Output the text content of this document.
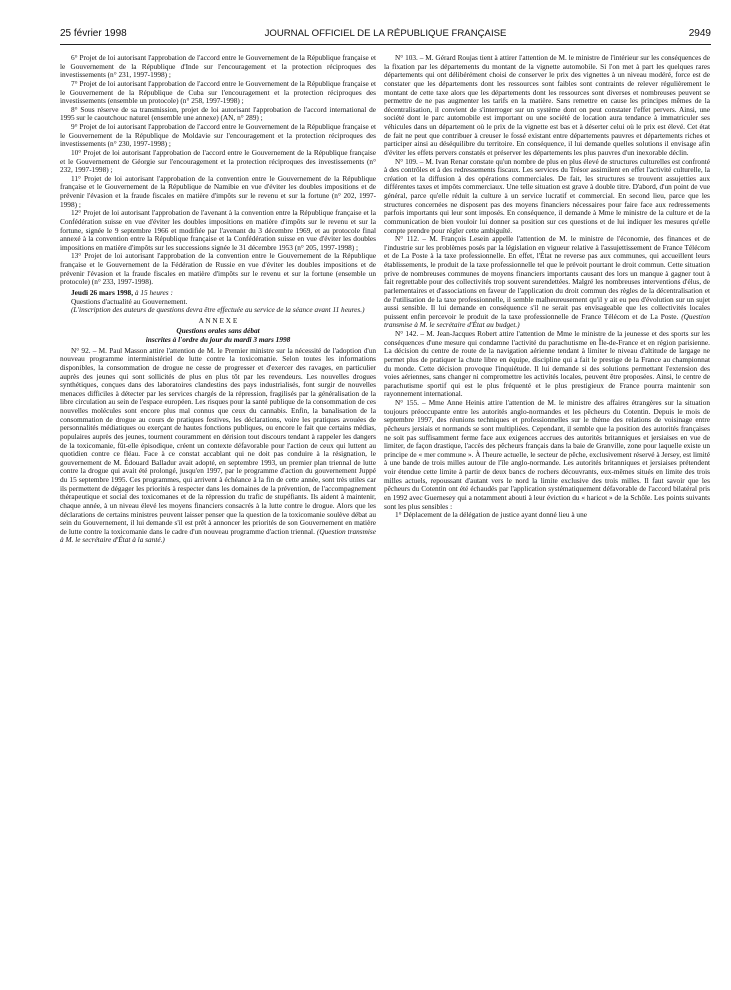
25 février 1998	JOURNAL OFFICIEL DE LA RÉPUBLIQUE FRANÇAISE	2949

6° Projet de loi autorisant l'approbation de l'accord entre le Gouvernement de la République française et le Gouvernement de la République d'Inde sur l'encouragement et la protection réciproques des investissements (n° 231, 1997-1998) ;

7° Projet de loi autorisant l'approbation de l'accord entre le Gouvernement de la République française et le Gouvernement de la République de Cuba sur l'encouragement et la protection réciproques des investissements (ensemble un protocole) (n° 258, 1997-1998) ;

8° Sous réserve de sa transmission, projet de loi autorisant l'approbation de l'accord international de 1995 sur le caoutchouc naturel (ensemble une annexe) (AN, n° 289) ;

9° Projet de loi autorisant l'approbation de l'accord entre le Gouvernement de la République française et le Gouvernement de la République de Moldavie sur l'encouragement et la protection réciproques des investissements (n° 230, 1997-1998) ;

10° Projet de loi autorisant l'approbation de l'accord entre le Gouvernement de la République française et le Gouvernement de Géorgie sur l'encouragement et la protection réciproques des investissements (n° 232, 1997-1998) ;

11° Projet de loi autorisant l'approbation de la convention entre le Gouvernement de la République française et le Gouvernement de la République de Namibie en vue d'éviter les doubles impositions et de prévenir l'évasion et la fraude fiscales en matière d'impôts sur le revenu et sur la fortune (n° 202, 1997-1998) ;

12° Projet de loi autorisant l'approbation de l'avenant à la convention entre la République française et la Confédération suisse en vue d'éviter les doubles impositions en matière d'impôts sur le revenu et sur la fortune, signée le 9 septembre 1966 et modifiée par l'avenant du 3 décembre 1969, et au protocole final annexé à la convention entre la République française et la Confédération suisse en vue d'éviter les doubles impositions en matière d'impôts sur les successions signée le 31 décembre 1953 (n° 205, 1997-1998) ;

13° Projet de loi autorisant l'approbation de la convention entre le Gouvernement de la République française et le Gouvernement de la Fédération de Russie en vue d'éviter les doubles impositions et de prévenir l'évasion et la fraude fiscales en matière d'impôts sur le revenu et sur la fortune (ensemble un protocole) (n° 233, 1997-1998).

Jeudi 26 mars 1998, à 15 heures :

Questions d'actualité au Gouvernement.

(L'inscription des auteurs de questions devra être effectuée au service de la séance avant 11 heures.)

A N N E X E

Questions orales sans débat

inscrites à l'ordre du jour du mardi 3 mars 1998

N° 92. – M. Paul Masson attire l'attention de M. le Premier ministre sur la nécessité de l'adoption d'un nouveau programme interministériel de lutte contre la toxicomanie. Selon toutes les informations disponibles, la consommation de drogue ne cesse de progresser et d'exercer des ravages, en particulier auprès des jeunes qui sont sollicités de plus en plus tôt par les revendeurs. Les nouvelles drogues synthétiques, conçues dans des laboratoires clandestins des pays industrialisés, font surgir de nouvelles menaces difficiles à détecter par les services chargés de la répression, fragilisés par la généralisation de la libre circulation au sein de l'espace européen. Les risques pour la santé publique de la consommation de ces nouvelles molécules sont encore plus mal connus que ceux du cannabis. Enfin, la banalisation de la consommation de drogue au cours de pratiques festives, les déclarations, voire les pratiques avouées de personnalités médiatiques ou exerçant de hautes fonctions publiques, ou encore le fait que certains médias, populaires auprès des jeunes, tournent couramment en dérision tout discours tendant à rappeler les dangers de la toxicomanie, fût-elle épisodique, créent un contexte défavorable pour l'action de ceux qui luttent au quotidien contre ce fléau. Face à ce constat accablant qui ne doit pas conduire à la résignation, le gouvernement de M. Édouard Balladur avait adopté, en septembre 1993, un premier plan triennal de lutte contre la drogue qui avait été prolongé, jusqu'en 1997, par le programme d'action du gouvernement Juppé du 15 septembre 1995. Ces programmes, qui arrivent à échéance à la fin de cette année, sont très utiles car ils permettent de dégager les priorités à respecter dans les domaines de la prévention, de l'accompagnement thérapeutique et social des toxicomanes et de la répression du trafic de stupéfiants. Ils aident à maintenir, chaque année, à un niveau élevé les moyens financiers consacrés à la lutte contre le drogue. Alors que les déclarations de certains ministres peuvent laisser penser que la question de la toxicomanie soulève débat au sein du Gouvernement, il lui demande s'il est prêt à annoncer les priorités de son Gouvernement en matière de lutte contre la toxicomanie dans le cadre d'un nouveau programme d'action triennal. (Question transmise à M. le secrétaire d'État à la santé.)

N° 103. – M. Gérard Roujas tient à attirer l'attention de M. le ministre de l'intérieur sur les conséquences de la fixation par les départements du montant de la vignette automobile. Si l'on met à part les quelques rares départements qui ont délibérément choisi de conserver le prix des vignettes à un niveau modéré, force est de constater que les départements dont les ressources sont faibles sont contraints de relever régulièrement le montant de cette taxe alors que les départements dont les ressources sont diverses et nombreuses peuvent se permettre de ne pas augmenter les tarifs en la matière. Sans remettre en cause les principes mêmes de la décentralisation, il convient de s'interroger sur un système dont on peut constater l'effet pervers. Ainsi, une société dont le parc automobile est important ou une société de location aura tendance à immatriculer ses véhicules dans un département où le prix de la vignette est bas et à déserter celui où le prix est élevé. Cet état de fait ne peut que contribuer à creuser le fossé existant entre départements pauvres et départements riches et participer ainsi au déséquilibre du territoire. En conséquence, il lui demande quelles solutions il envisage afin d'éviter les effets pervers constatés et préserver les départements les plus pauvres d'un inexorable déclin.

N° 109. – M. Ivan Renar constate qu'un nombre de plus en plus élevé de structures culturelles est confronté à des contrôles et à des redressements fiscaux. Les services du Trésor assimilent en effet l'activité culturelle, la création et la diffusion à des opérations commerciales. De fait, les structures se trouvent assujetties aux différentes taxes et impôts commerciaux. Une telle situation est grave à double titre. D'abord, d'un point de vue général, parce qu'elle réduit la culture à un service lucratif et commercial. En second lieu, parce que les structures concernées ne disposent pas des moyens financiers nécessaires pour faire face aux redressements parfois importants qui leur sont imposés. En conséquence, il demande à Mme le ministre de la culture et de la communication de bien vouloir lui donner sa position sur ces questions et de lui indiquer les mesures qu'elle compte prendre pour régler cette ambiguïté.

N° 112. – M. François Lesein appelle l'attention de M. le ministre de l'économie, des finances et de l'industrie sur les problèmes posés par la législation en vigueur relative à l'assujettissement de France Télécom et de La Poste à la taxe professionnelle. En effet, l'État ne reverse pas aux communes, qui accueillent leurs établissements, le produit de la taxe professionnelle tel que le prévoit pourtant le droit commun. Cette situation prive de nombreuses communes de moyens financiers importants causant des lors un manque à gagner tout à fait regrettable pour des collectivités trop souvent surendettées. Malgré les nombreuses interventions d'élus, de parlementaires et d'associations en faveur de l'application du droit commun des règles de la décentralisation et de l'utilisation de la taxe professionnelle, il semble malheureusement qu'il y ait eu peu d'évolution sur un sujet aussi sensible. Il lui demande en conséquence s'il ne serait pas envisageable que les collectivités locales puissent enfin percevoir le produit de la taxe professionnelle de France Télécom et de La Poste. (Question transmise à M. le secrétaire d'État au budget.)

N° 142. – M. Jean-Jacques Robert attire l'attention de Mme le ministre de la jeunesse et des sports sur les conséquences d'une mesure qui condamne l'activité du parachutisme en Île-de-France et en région parisienne. La décision du centre de route de la navigation aérienne tendant à limiter le niveau d'altitude de largage ne permet plus de pratiquer la chute libre en équipe, discipline qui a fait le prestige de la France au championnat du monde. Cette décision provoque l'inquiétude. Il lui demande si des solutions permettant l'extension des voies aériennes, sans changer ni compromettre les activités locales, peuvent être proposées. Ainsi, le centre de parachutisme sportif qui est le plus fréquenté et le plus prestigieux de France pourra maintenir son rayonnement international.

N° 155. – Mme Anne Heinis attire l'attention de M. le ministre des affaires étrangères sur la situation toujours préoccupante entre les autorités anglo-normandes et les pêcheurs du Cotentin. Depuis le mois de septembre 1997, des réunions techniques et professionnelles sur le thème des relations de voisinage entre pêcheurs jersiais et normands se sont multipliées. Cependant, il semble que la position des autorités françaises ne soit pas suffisamment ferme face aux exigences accrues des autorités britanniques et jersiaises en vue de limiter, de façon drastique, l'accès des pêcheurs français dans la baie de Granville, zone pour laquelle existe un principe de « mer commune ». À l'heure actuelle, le secteur de pêche, exclusivement réservé à Jersey, est limité à une bande de trois milles autour de l'île anglo-normande. Les autorités britanniques et jersiaises prétendent voir étendue cette limite à partir de deux bancs de rochers découvrants, eux-mêmes situés en limite des trois milles actuels, repoussant d'autant vers le nord la limite exclusive des trois milles. Il faut savoir que les pêcheurs du Cotentin ont été échaudés par l'application systématiquement défavorable de l'accord bilatéral pris en 1992 avec Guernesey qui a notamment abouti à leur éviction du « haricot » de la Schôle. Les points suivants sont les plus sensibles :

1° Déplacement de la délégation de justice ayant donné lieu à une
